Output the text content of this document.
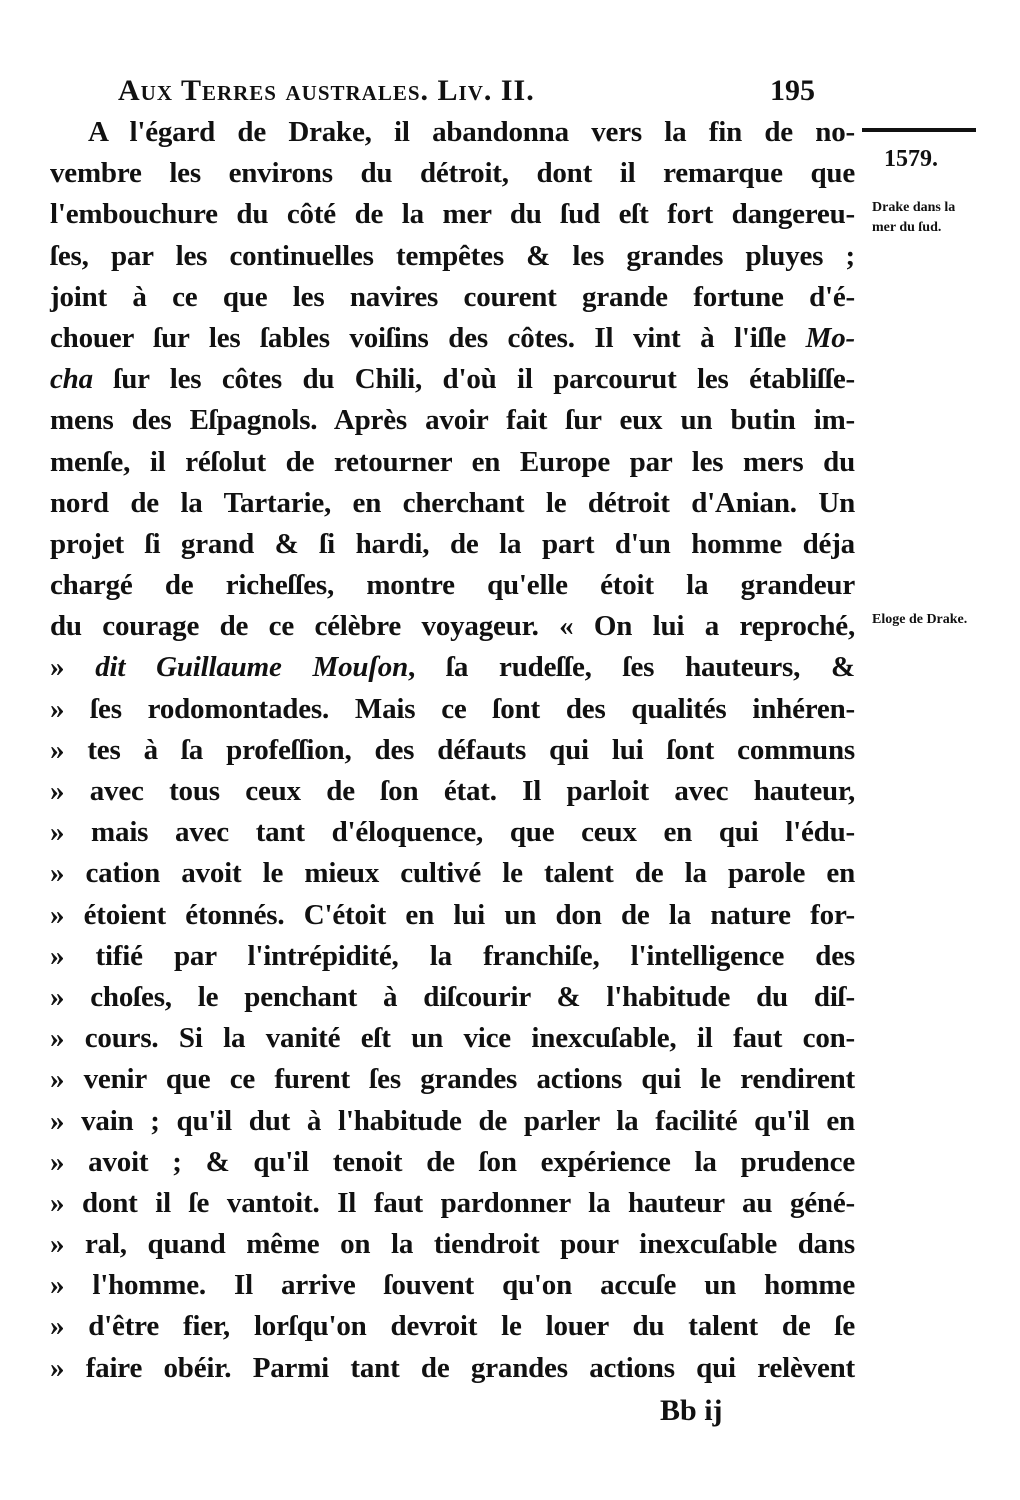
Aux Terres australes. Liv. II.	195
1579.
Drake dans la mer du ſud.
Eloge de Drake.
A l'égard de Drake, il abandonna vers la fin de no-
vembre les environs du détroit, dont il remarque que
l'embouchure du côté de la mer du ſud eſt fort dangereu-
ſes, par les continuelles tempêtes & les grandes pluyes ;
joint à ce que les navires courent grande fortune d'é-
chouer ſur les ſables voiſins des côtes. Il vint à l'iſle Mo-
cha ſur les côtes du Chili, d'où il parcourut les établiſſe-
mens des Eſpagnols. Après avoir fait ſur eux un butin im-
menſe, il réſolut de retourner en Europe par les mers du
nord de la Tartarie, en cherchant le détroit d'Anian. Un
projet ſi grand & ſi hardi, de la part d'un homme déja
chargé de richeſſes, montre qu'elle étoit la grandeur
du courage de ce célèbre voyageur. « On lui a reproché,
» dit Guillaume Mouſon, ſa rudeſſe, ſes hauteurs, &
» ſes rodomontades. Mais ce ſont des qualités inhéren-
» tes à ſa profeſſion, des défauts qui lui ſont communs
» avec tous ceux de ſon état. Il parloit avec hauteur,
» mais avec tant d'éloquence, que ceux en qui l'édu-
» cation avoit le mieux cultivé le talent de la parole en
» étoient étonnés. C'étoit en lui un don de la nature for-
» tifié par l'intrépidité, la franchiſe, l'intelligence des
» choſes, le penchant à diſcourir & l'habitude du diſ-
» cours. Si la vanité eſt un vice inexcuſable, il faut con-
» venir que ce furent ſes grandes actions qui le rendirent
» vain ; qu'il dut à l'habitude de parler la facilité qu'il en
» avoit ; & qu'il tenoit de ſon expérience la prudence
» dont il ſe vantoit. Il faut pardonner la hauteur au géné-
» ral, quand même on la tiendroit pour inexcuſable dans
» l'homme. Il arrive ſouvent qu'on accuſe un homme
» d'être fier, lorſqu'on devroit le louer du talent de ſe
» faire obéir. Parmi tant de grandes actions qui relèvent
Bb ij
